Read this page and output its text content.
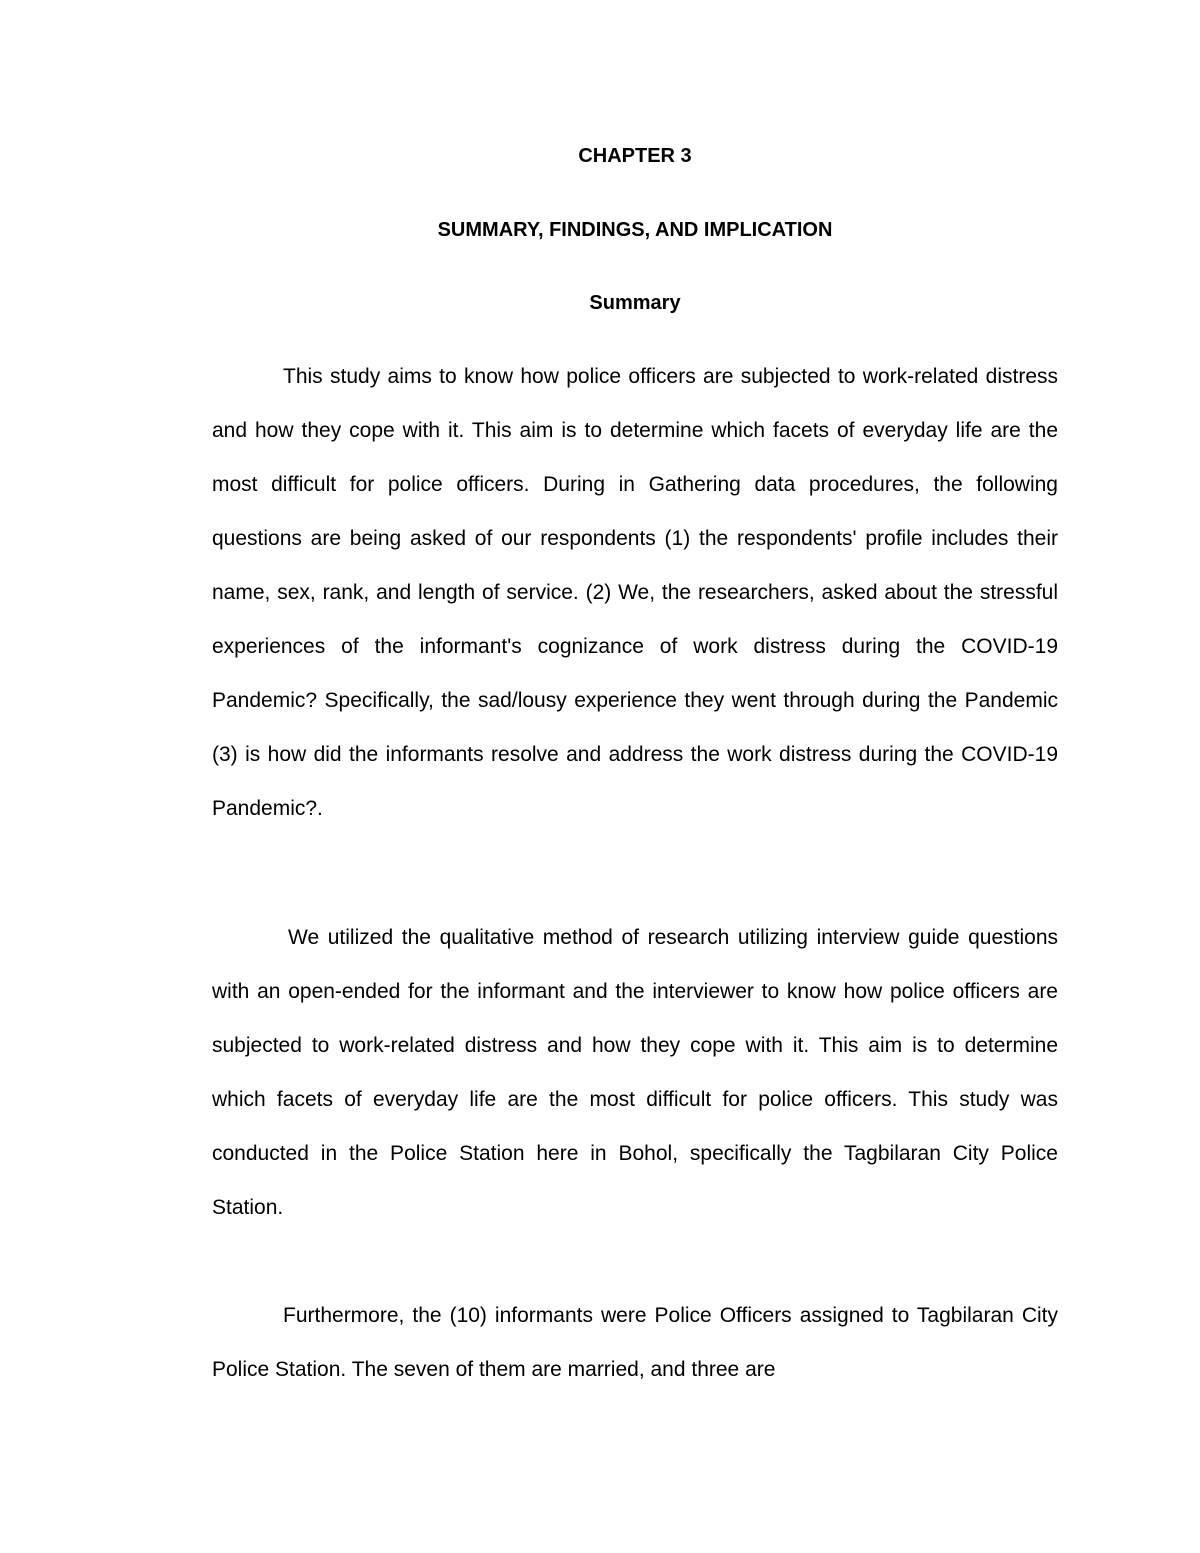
CHAPTER 3
SUMMARY, FINDINGS, AND IMPLICATION
Summary

This study aims to know how police officers are subjected to work-related distress and how they cope with it. This aim is to determine which facets of everyday life are the most difficult for police officers. During in Gathering data procedures, the following questions are being asked of our respondents (1) the respondents' profile includes their name, sex, rank, and length of service. (2) We, the researchers, asked about the stressful experiences of the informant's cognizance of work distress during the COVID-19 Pandemic? Specifically, the sad/lousy experience they went through during the Pandemic (3) is how did the informants resolve and address the work distress during the COVID-19 Pandemic?.

We utilized the qualitative method of research utilizing interview guide questions with an open-ended for the informant and the interviewer to know how police officers are subjected to work-related distress and how they cope with it. This aim is to determine which facets of everyday life are the most difficult for police officers. This study was conducted in the Police Station here in Bohol, specifically the Tagbilaran City Police Station.

Furthermore, the (10) informants were Police Officers assigned to Tagbilaran City Police Station. The seven of them are married, and three are
